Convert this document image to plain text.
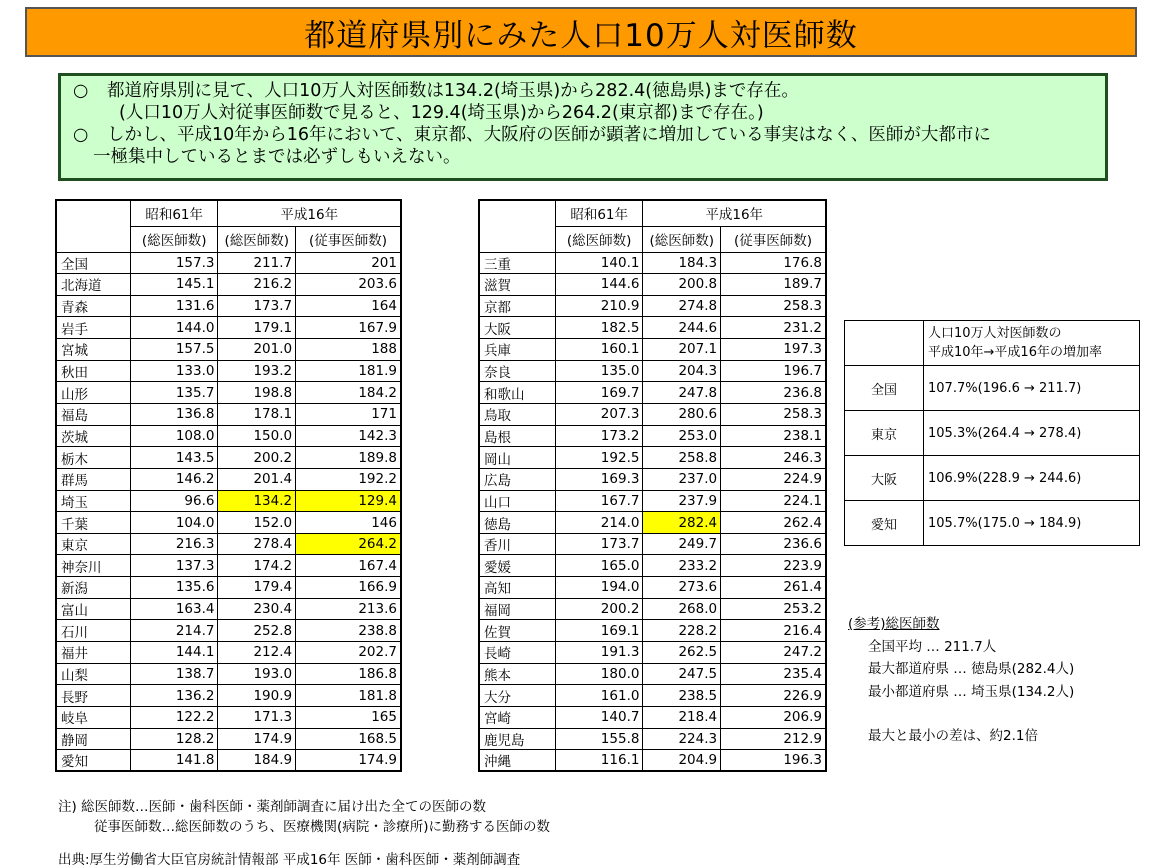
都道府県別にみた人口10万人対医師数
○ 都道府県別に見て、人口10万人対医師数は134.2(埼玉県)から282.4(徳島県)まで存在。
(人口10万人対従事医師数で見ると、129.4(埼玉県)から264.2(東京都)まで存在。)
○ しかし、平成10年から16年において、東京都、大阪府の医師が顕著に増加している事実はなく、医師が大都市に
一極集中しているとまでは必ずしもいえない。
	昭和61年	平成16年	
	(総医師数)	(総医師数)	(従事医師数)
全国	157.3	211.7	201
北海道	145.1	216.2	203.6
青森	131.6	173.7	164
岩手	144.0	179.1	167.9
宮城	157.5	201.0	188
秋田	133.0	193.2	181.9
山形	135.7	198.8	184.2
福島	136.8	178.1	171
茨城	108.0	150.0	142.3
栃木	143.5	200.2	189.8
群馬	146.2	201.4	192.2
埼玉	96.6	134.2	129.4
千葉	104.0	152.0	146
東京	216.3	278.4	264.2
神奈川	137.3	174.2	167.4
新潟	135.6	179.4	166.9
富山	163.4	230.4	213.6
石川	214.7	252.8	238.8
福井	144.1	212.4	202.7
山梨	138.7	193.0	186.8
長野	136.2	190.9	181.8
岐阜	122.2	171.3	165
静岡	128.2	174.9	168.5
愛知	141.8	184.9	174.9
	昭和61年	平成16年	
	(総医師数)	(総医師数)	(従事医師数)
三重	140.1	184.3	176.8
滋賀	144.6	200.8	189.7
京都	210.9	274.8	258.3
大阪	182.5	244.6	231.2
兵庫	160.1	207.1	197.3
奈良	135.0	204.3	196.7
和歌山	169.7	247.8	236.8
鳥取	207.3	280.6	258.3
島根	173.2	253.0	238.1
岡山	192.5	258.8	246.3
広島	169.3	237.0	224.9
山口	167.7	237.9	224.1
徳島	214.0	282.4	262.4
香川	173.7	249.7	236.6
愛媛	165.0	233.2	223.9
高知	194.0	273.6	261.4
福岡	200.2	268.0	253.2
佐賀	169.1	228.2	216.4
長崎	191.3	262.5	247.2
熊本	180.0	247.5	235.4
大分	161.0	238.5	226.9
宮崎	140.7	218.4	206.9
鹿児島	155.8	224.3	212.9
沖縄	116.1	204.9	196.3

	人口10万人対医師数の
平成10年→平成16年の増加率

全国	107.7%(196.6 → 211.7)
東京	105.3%(264.4 → 278.4)
大阪	106.9%(228.9 → 244.6)
愛知	105.7%(175.0 → 184.9)
(参考)総医師数
全国平均 … 211.7人
最大都道府県 … 徳島県(282.4人)
最小都道府県 … 埼玉県(134.2人)
最大と最小の差は、約2.1倍
注) 総医師数…医師・歯科医師・薬剤師調査に届け出た全ての医師の数
従事医師数…総医師数のうち、医療機関(病院・診療所)に勤務する医師の数
出典:厚生労働省大臣官房統計情報部 平成16年 医師・歯科医師・薬剤師調査
